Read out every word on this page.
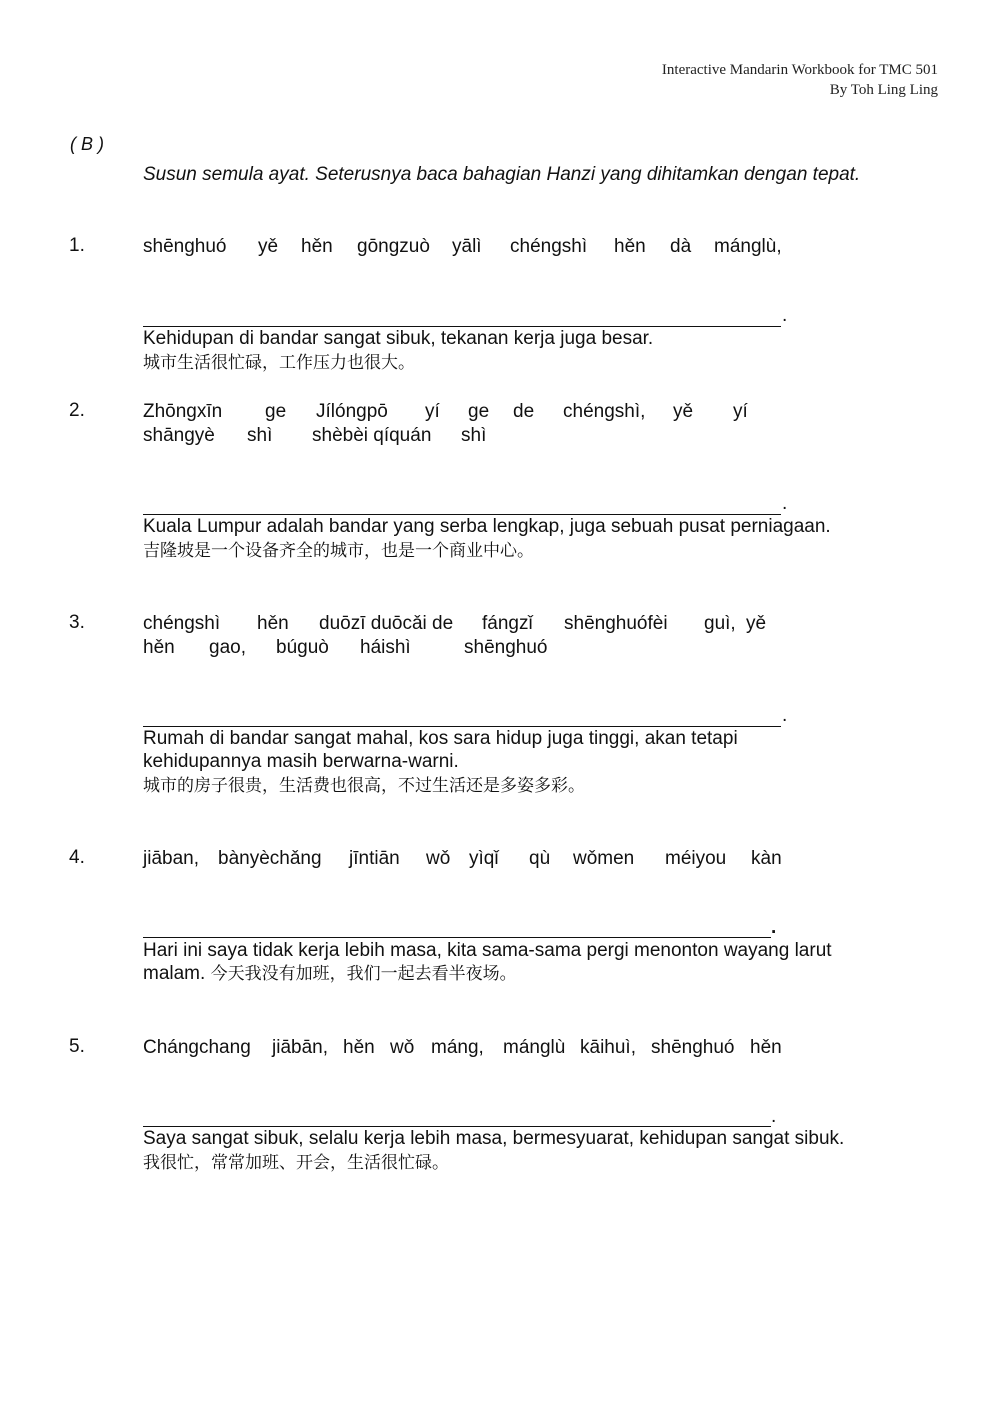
Interactive Mandarin Workbook for TMC 501
By Toh Ling Ling
( B )
Susun semula ayat. Seterusnya baca bahagian Hanzi yang dihitamkan dengan tepat.
1.	shēnghuó yě hěn gōngzuò yālì chéngshì hěn dà mánglù,
.
Kehidupan di bandar sangat sibuk, tekanan kerja juga besar.
城市生活很忙碌，工作压力也很大。
2.	Zhōngxīn ge Jílóngpō yí ge de chéngshì, yě yí
shāngyè shì shèbèi qíquán shì
.
Kuala Lumpur adalah bandar yang serba lengkap, juga sebuah pusat perniagaan.
吉隆坡是一个设备齐全的城市，也是一个商业中心。
3.	chéngshì hěn duōzī duōcǎi de fángzǐ shēnghuófèi guì, yě
hěn gao, búguò háishì	shēnghuó
.
Rumah di bandar sangat mahal, kos sara hidup juga tinggi, akan tetapi kehidupannya masih berwarna-warni.
城市的房子很贵，生活费也很高，不过生活还是多姿多彩。
4.	jiāban, bànyèchǎng jīntiān wǒ yìqǐ qù wǒmen méiyou kàn
.
Hari ini saya tidak kerja lebih masa, kita sama-sama pergi menonton wayang larut malam. 今天我没有加班，我们一起去看半夜场。
5.	Chángchang jiābān, hěn wǒ máng, mánglù kāihuì, shēnghuó hěn
.
Saya sangat sibuk, selalu kerja lebih masa, bermesyuarat, kehidupan sangat sibuk.
我很忙，常常加班、开会，生活很忙碌。
